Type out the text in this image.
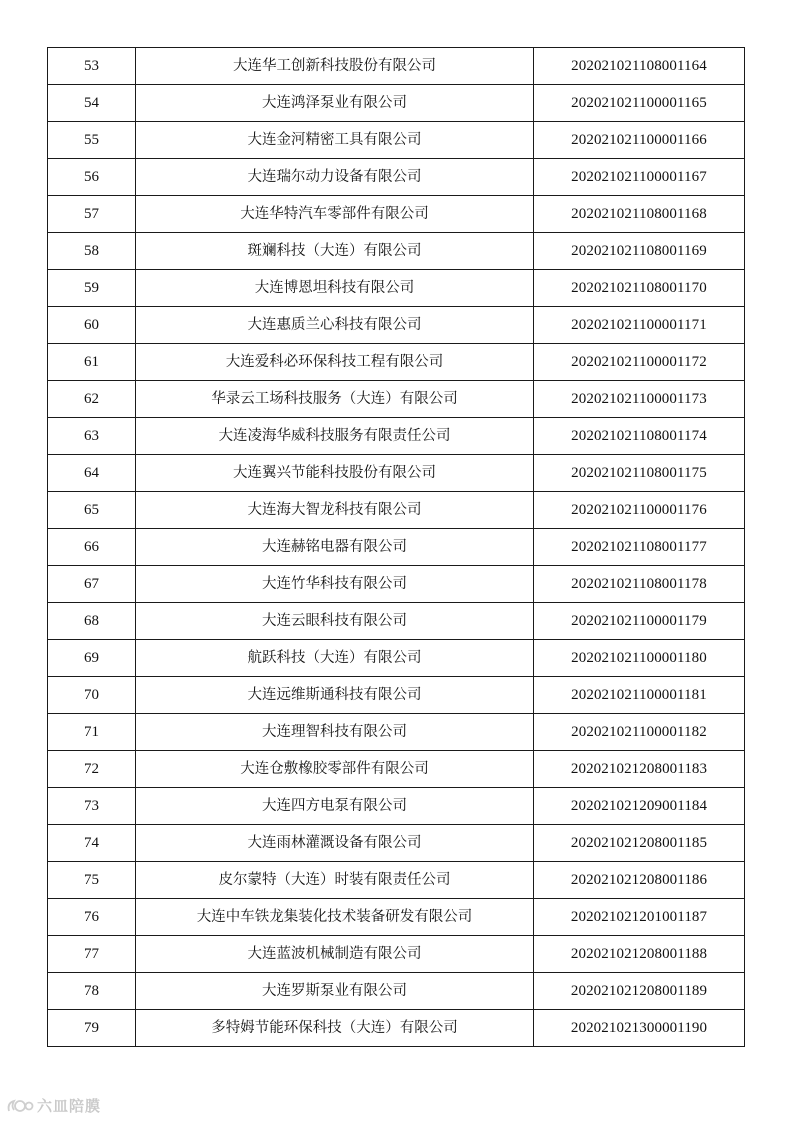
53	大连华工创新科技股份有限公司	202021021108001164
54	大连鸿泽泵业有限公司	202021021100001165
55	大连金河精密工具有限公司	202021021100001166
56	大连瑞尔动力设备有限公司	202021021100001167
57	大连华特汽车零部件有限公司	202021021108001168
58	斑斓科技（大连）有限公司	202021021108001169
59	大连博恩坦科技有限公司	202021021108001170
60	大连惠质兰心科技有限公司	202021021100001171
61	大连爱科必环保科技工程有限公司	202021021100001172
62	华录云工场科技服务（大连）有限公司	202021021100001173
63	大连凌海华威科技服务有限责任公司	202021021108001174
64	大连翼兴节能科技股份有限公司	202021021108001175
65	大连海大智龙科技有限公司	202021021100001176
66	大连赫铭电器有限公司	202021021108001177
67	大连竹华科技有限公司	202021021108001178
68	大连云眼科技有限公司	202021021100001179
69	航跃科技（大连）有限公司	202021021100001180
70	大连远维斯通科技有限公司	202021021100001181
71	大连理智科技有限公司	202021021100001182
72	大连仓敷橡胶零部件有限公司	202021021208001183
73	大连四方电泵有限公司	202021021209001184
74	大连雨林灌溉设备有限公司	202021021208001185
75	皮尔蒙特（大连）时装有限责任公司	202021021208001186
76	大连中车铁龙集装化技术装备研发有限公司	202021021201001187
77	大连蓝波机械制造有限公司	202021021208001188
78	大连罗斯泵业有限公司	202021021208001189
79	多特姆节能环保科技（大连）有限公司	202021021300001190
六皿陪膜
